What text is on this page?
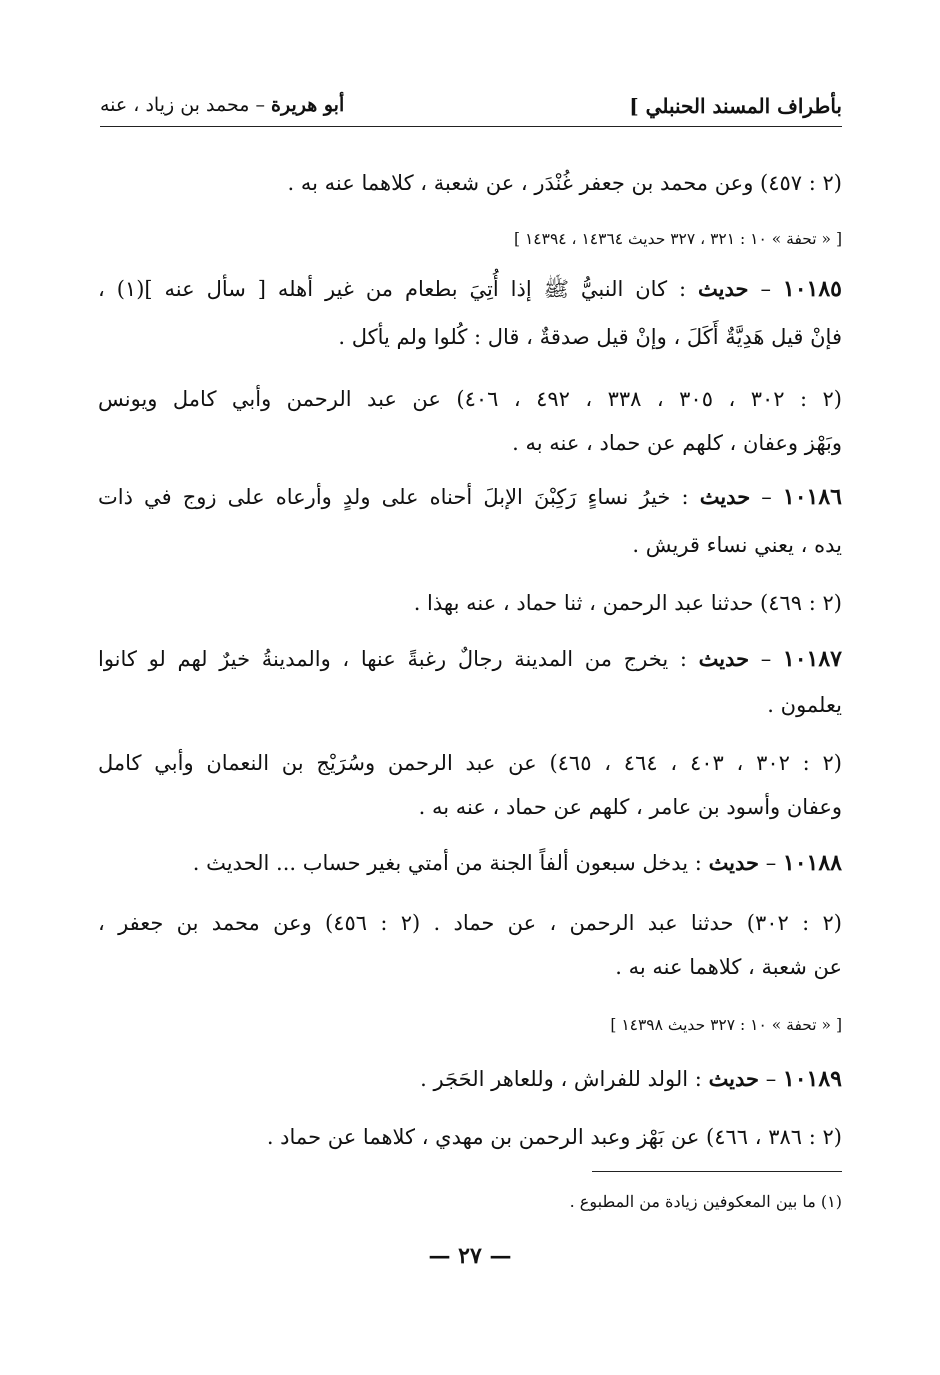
بأطراف المسند الحنبلي ]
أبو هريرة – محمد بن زياد ، عنه
(٢ : ٤٥٧) وعن محمد بن جعفر غُنْدَر ، عن شعبة ، كلاهما عنه به .
[ « تحفة » ١٠ : ٣٢١ ، ٣٢٧ حديث ١٤٣٦٤ ، ١٤٣٩٤ ]
١٠١٨٥ – حديث : كان النبيُّ ﷺ إذا أُتِيَ بطعام من غير أهله [ سأل عنه ](١) ،
فإنْ قيل هَدِيَّةٌ أَكَلَ ، وإنْ قيل صدقةٌ ، قال : كُلوا ولم يأكل .
(٢ : ٣٠٢ ، ٣٠٥ ، ٣٣٨ ، ٤٩٢ ، ٤٠٦) عن عبد الرحمن وأبي كامل ويونس
وبَهْز وعفان ، كلهم عن حماد ، عنه به .
١٠١٨٦ – حديث : خيرُ نساءٍ رَكِبْنَ الإبلَ أحناه على ولدٍ وأرعاه على زوج في ذات
يده ، يعني نساء قريش .
(٢ : ٤٦٩) حدثنا عبد الرحمن ، ثنا حماد ، عنه بهذا .
١٠١٨٧ – حديث : يخرج من المدينة رجالٌ رغبةً عنها ، والمدينةُ خيرٌ لهم لو كانوا
يعلمون .
(٢ : ٣٠٢ ، ٤٠٣ ، ٤٦٤ ، ٤٦٥) عن عبد الرحمن وسُرَيْج بن النعمان وأبي كامل
وعفان وأسود بن عامر ، كلهم عن حماد ، عنه به .
١٠١٨٨ – حديث : يدخل سبعون ألفاً الجنة من أمتي بغير حساب ... الحديث .
(٢ : ٣٠٢) حدثنا عبد الرحمن ، عن حماد . (٢ : ٤٥٦) وعن محمد بن جعفر ،
عن شعبة ، كلاهما عنه به .
[ « تحفة » ١٠ : ٣٢٧ حديث ١٤٣٩٨ ]
١٠١٨٩ – حديث : الولد للفراش ، وللعاهر الحَجَر .
(٢ : ٣٨٦ ، ٤٦٦) عن بَهْز وعبد الرحمن بن مهدي ، كلاهما عن حماد .
(١) ما بين المعكوفين زيادة من المطبوع .
— ٢٧ —
